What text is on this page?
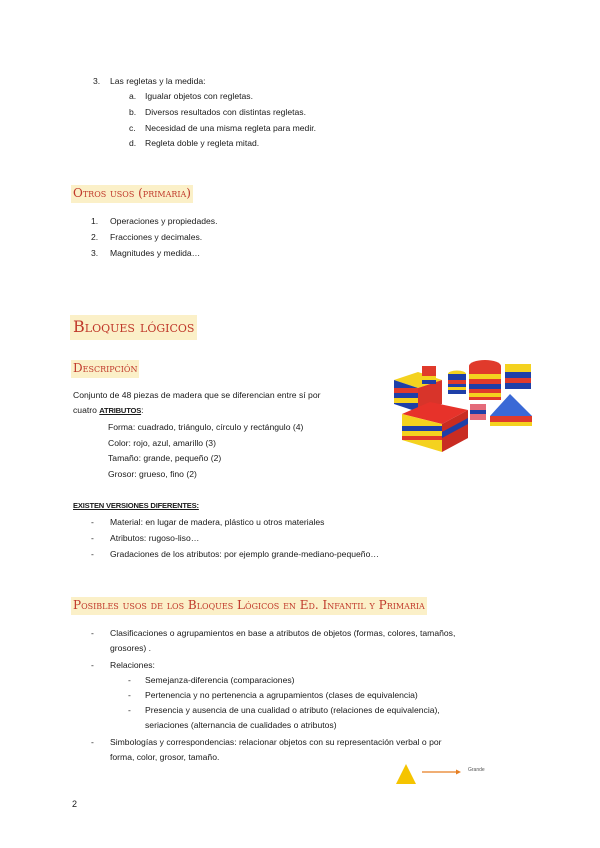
3. Las regletas y la medida:
a. Igualar objetos con regletas.
b. Diversos resultados con distintas regletas.
c. Necesidad de una misma regleta para medir.
d. Regleta doble y regleta mitad.
Otros usos (primaria)
1. Operaciones y propiedades.
2. Fracciones y decimales.
3. Magnitudes y medida…
Bloques lógicos
Descripción
Conjunto de 48 piezas de madera que se diferencian entre sí por
cuatro ATRIBUTOS:
Forma: cuadrado, triángulo, círculo y rectángulo (4)
Color: rojo, azul, amarillo (3)
Tamaño: grande, pequeño (2)
Grosor: grueso, fino (2)
EXISTEN VERSIONES DIFERENTES:
- Material: en lugar de madera, plástico u otros materiales
- Atributos: rugoso-liso…
- Gradaciones de los atributos: por ejemplo grande-mediano-pequeño…
Posibles usos de los Bloques Lógicos en Ed. Infantil y Primaria
- Clasificaciones o agrupamientos en base a atributos de objetos (formas, colores, tamaños,
grosores) .
- Relaciones:
- Semejanza-diferencia (comparaciones)
- Pertenencia y no pertenencia a agrupamientos (clases de equivalencia)
- Presencia y ausencia de una cualidad o atributo (relaciones de equivalencia),
seriaciones (alternancia de cualidades o atributos)
- Simbologías y correspondencias: relacionar objetos con su representación verbal o por
forma, color, grosor, tamaño.
Grande
2
